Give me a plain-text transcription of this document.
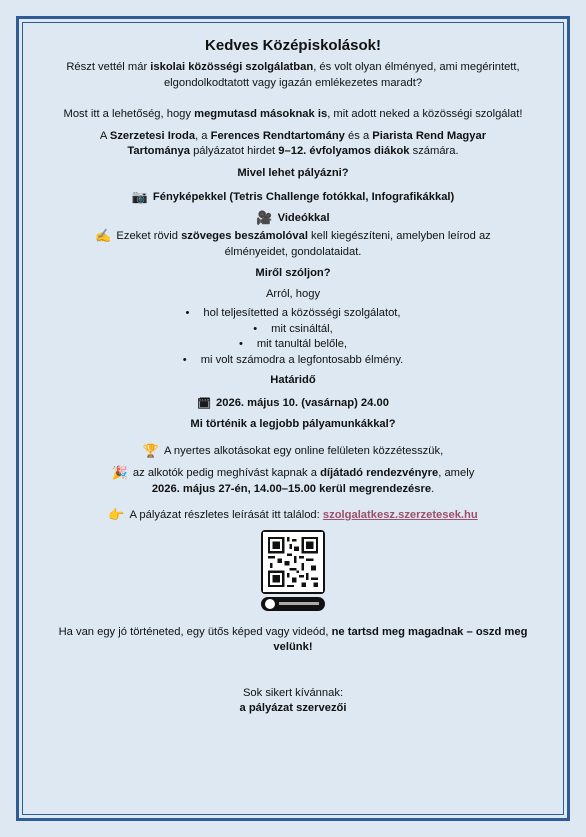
Kedves Középiskolások!

Részt vettél már iskolai közösségi szolgálatban, és volt olyan élményed, ami megérintett, elgondolkodtatott vagy igazán emlékezetes maradt?

Most itt a lehetőség, hogy megmutasd másoknak is, mit adott neked a közösségi szolgálat!

A Szerzetesi Iroda, a Ferences Rendtartomány és a Piarista Rend Magyar Tartománya pályázatot hirdet 9–12. évfolyamos diákok számára.

Mivel lehet pályázni?

📷 Fényképekkel (Tetris Challenge fotókkal, Infografikákkal)

🎥 Videókkal

✍️ Ezeket rövid szöveges beszámolóval kell kiegészíteni, amelyben leírod az élményeidet, gondolataidat.

Miről szóljon?

Arról, hogy

• hol teljesítetted a közösségi szolgálatot,
• mit csináltál,
• mit tanultál belőle,
• mi volt számodra a legfontosabb élmény.

Határidő

🗓 2026. május 10. (vasárnap) 24.00

Mi történik a legjobb pályamunkákkal?

🏆 A nyertes alkotásokat egy online felületen közzétesszük,

🎉 az alkotók pedig meghívást kapnak a díjátadó rendezvényre, amely

2026. május 27-én, 14.00–15.00 kerül megrendezésre.

👉 A pályázat részletes leírását itt találod: szolgalatkesz.szerzetesek.hu

Ha van egy jó történeted, egy ütős képed vagy videód, ne tartsd meg magadnak – oszd meg velünk!

Sok sikert kívánnak:

a pályázat szervezői
